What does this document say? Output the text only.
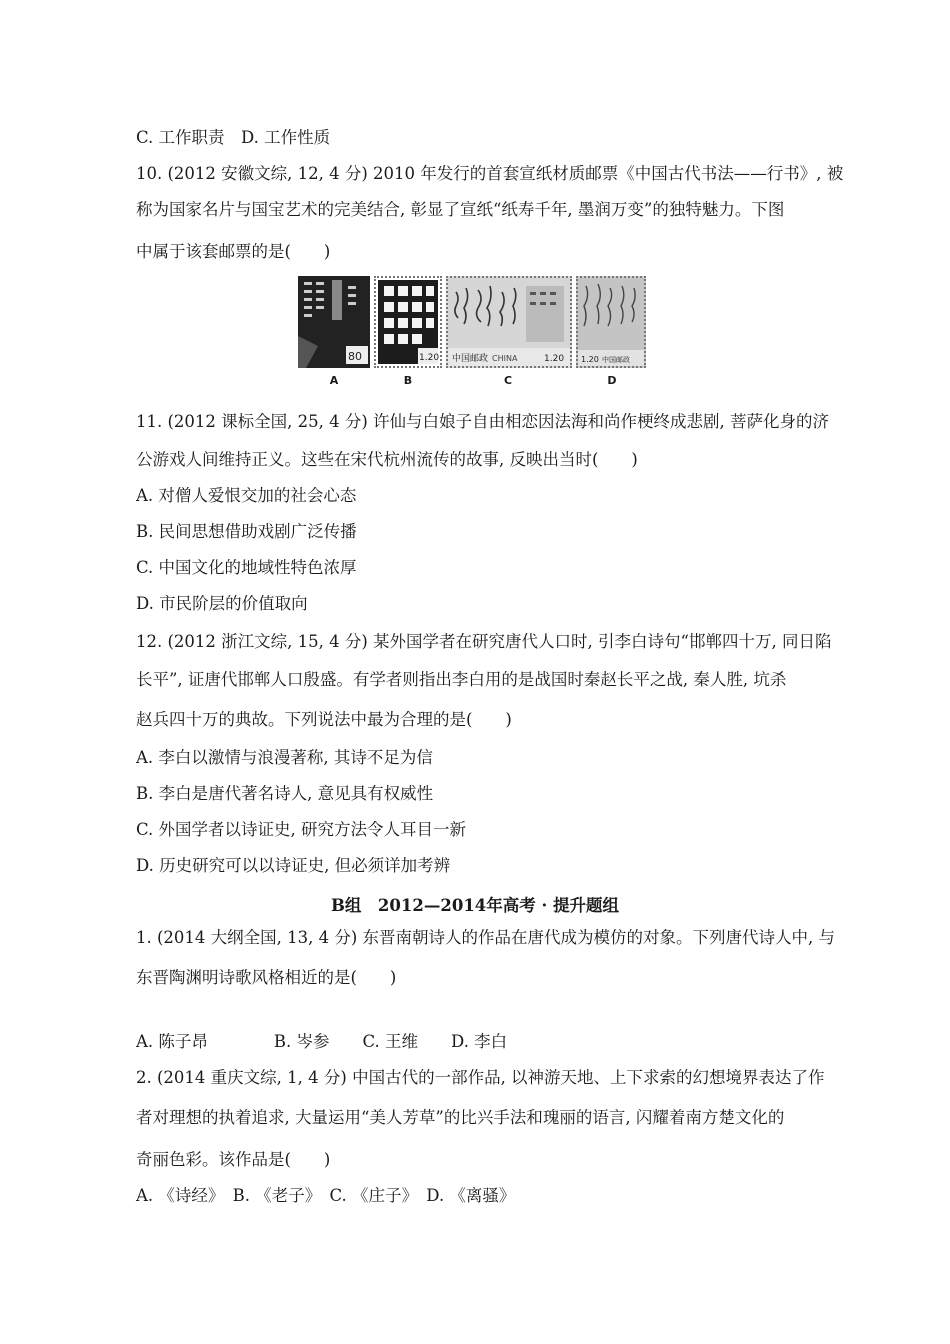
C. 工作职责　D. 工作性质
10. (2012 安徽文综, 12, 4 分) 2010 年发行的首套宣纸材质邮票《中国古代书法——行书》, 被
称为国家名片与国宝艺术的完美结合, 彰显了宣纸“纸寿千年, 墨润万变”的独特魅力。下图
中属于该套邮票的是(　　)
80
A
1.20
B
中国邮政 CHINA	1.20
C
1.20 中国邮政
D
11. (2012 课标全国, 25, 4 分) 许仙与白娘子自由相恋因法海和尚作梗终成悲剧, 菩萨化身的济
公游戏人间维持正义。这些在宋代杭州流传的故事, 反映出当时(　　)
A. 对僧人爱恨交加的社会心态
B. 民间思想借助戏剧广泛传播
C. 中国文化的地域性特色浓厚
D. 市民阶层的价值取向
12. (2012 浙江文综, 15, 4 分) 某外国学者在研究唐代人口时, 引李白诗句“邯郸四十万, 同日陷
长平”, 证唐代邯郸人口殷盛。有学者则指出李白用的是战国时秦赵长平之战, 秦人胜, 坑杀
赵兵四十万的典故。下列说法中最为合理的是(　　)
A. 李白以激情与浪漫著称, 其诗不足为信
B. 李白是唐代著名诗人, 意见具有权威性
C. 外国学者以诗证史, 研究方法令人耳目一新
D. 历史研究可以以诗证史, 但必须详加考辨
B组　2012—2014年高考 · 提升题组
1. (2014 大纲全国, 13, 4 分) 东晋南朝诗人的作品在唐代成为模仿的对象。下列唐代诗人中, 与
东晋陶渊明诗歌风格相近的是(　　)
A. 陈子昂　　　　B. 岑参　　C. 王维　　D. 李白
2. (2014 重庆文综, 1, 4 分) 中国古代的一部作品, 以神游天地、上下求索的幻想境界表达了作
者对理想的执着追求, 大量运用“美人芳草”的比兴手法和瑰丽的语言, 闪耀着南方楚文化的
奇丽色彩。该作品是(　　)
A. 《诗经》　B. 《老子》　C. 《庄子》　D. 《离骚》
